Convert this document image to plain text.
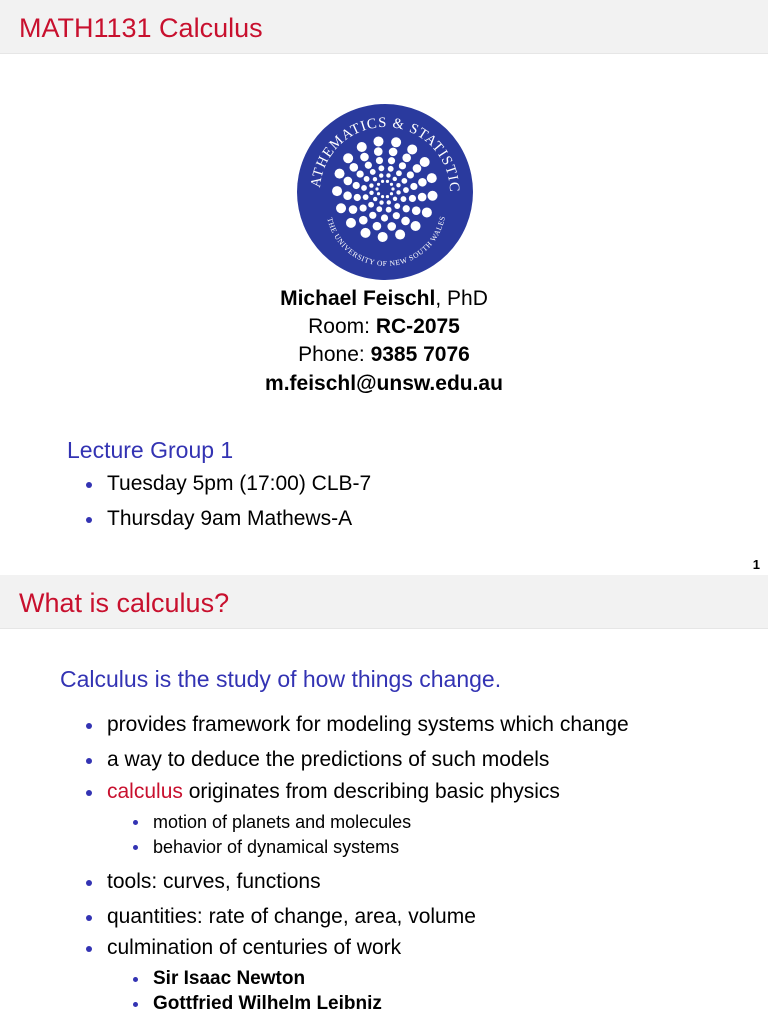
MATH1131 Calculus
ATHEMATICS & STATISTIC
THE UNIVERSITY OF NEW SOUTH WALES
Michael Feischl, PhD
Room: RC-2075
Phone: 9385 7076
m.feischl@unsw.edu.au
Lecture Group 1
Tuesday 5pm (17:00) CLB-7
Thursday 9am Mathews-A
1
What is calculus?
Calculus is the study of how things change.
provides framework for modeling systems which change
a way to deduce the predictions of such models
calculus originates from describing basic physics
motion of planets and molecules
behavior of dynamical systems
tools: curves, functions
quantities: rate of change, area, volume
culmination of centuries of work
Sir Isaac Newton
Gottfried Wilhelm Leibniz
